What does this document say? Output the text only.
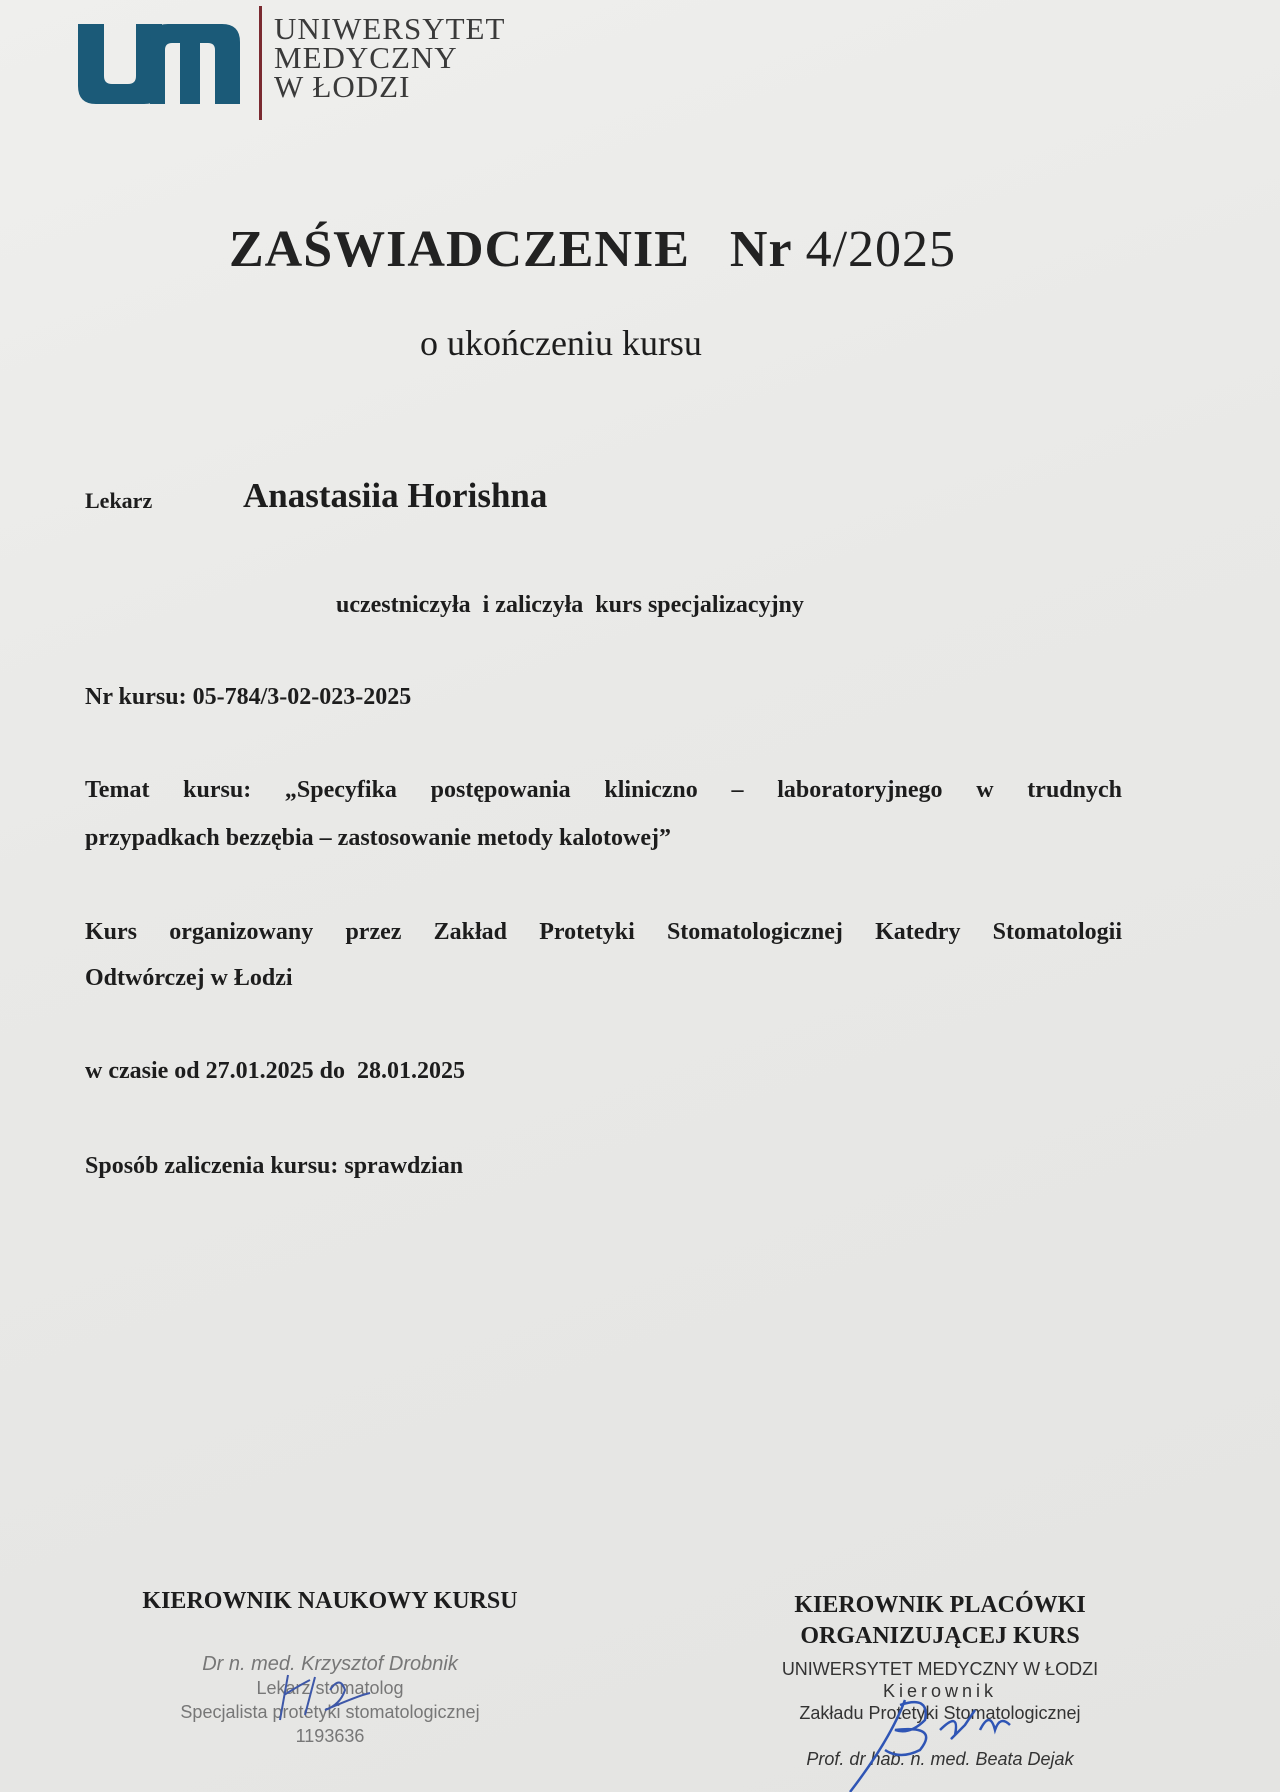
UNIWERSYTET
MEDYCZNY
W ŁODZI
ZAŚWIADCZENIE Nr 4/2025
o ukończeniu kursu
Lekarz	Anastasiia Horishna
uczestniczyła  i zaliczyła  kurs specjalizacyjny
Nr kursu: 05-784/3-02-023-2025
Temat kursu: „Specyfika postępowania kliniczno – laboratoryjnego w trudnych
przypadkach bezzębia – zastosowanie metody kalotowej”
Kurs organizowany przez Zakład Protetyki Stomatologicznej Katedry Stomatologii
Odtwórczej w Łodzi
w czasie od 27.01.2025 do  28.01.2025
Sposób zaliczenia kursu: sprawdzian
KIEROWNIK NAUKOWY KURSU
Dr n. med. Krzysztof Drobnik
Lekarz stomatolog
Specjalista protetyki stomatologicznej
1193636
KIEROWNIK PLACÓWKI
ORGANIZUJĄCEJ KURS
UNIWERSYTET MEDYCZNY W ŁODZI
Kierownik
Zakładu Protetyki Stomatologicznej
Prof. dr hab. n. med. Beata Dejak
